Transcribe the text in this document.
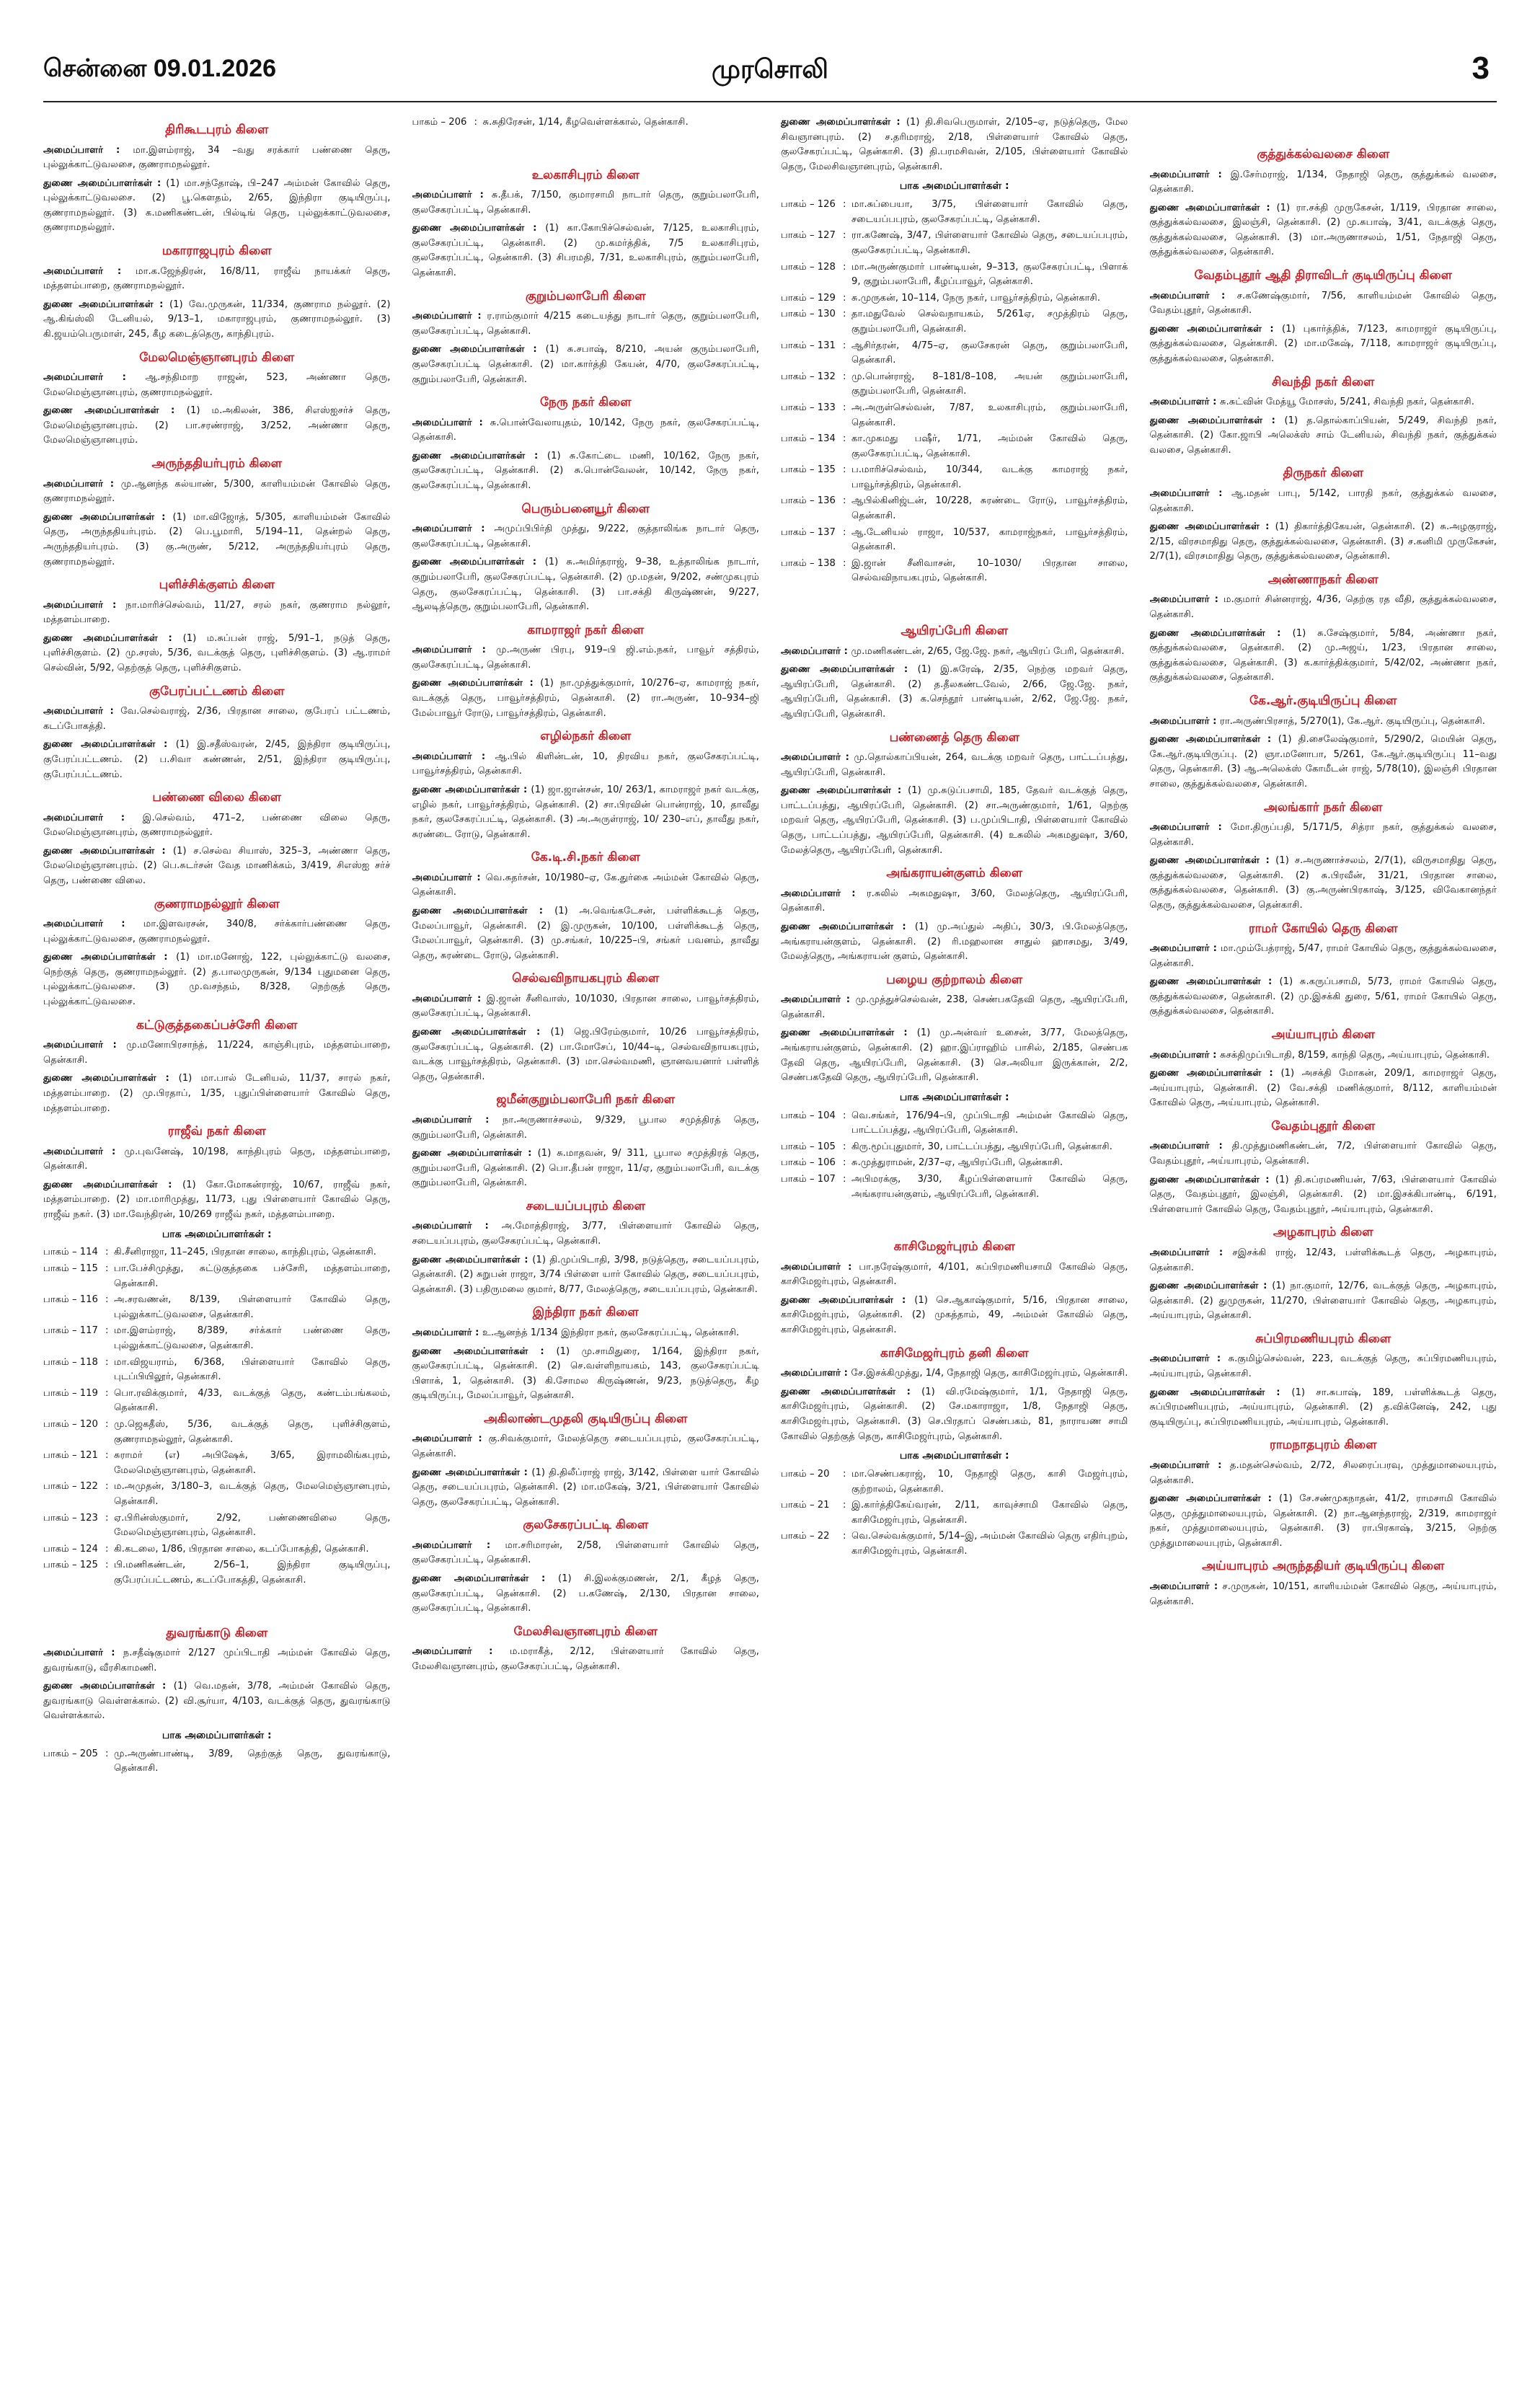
சென்னை 09.01.2026	முரசொலி	3
திரிகூடபுரம் கிளை

அமைப்பாளர் : மா.இளம்ராஜ், 34 –வது சரக்கார் பண்ணை தெரு, புல்லுக்காட்டுவலசை, குணராமநல்லூர்.

துணை அமைப்பாளர்கள் : (1) மா.சந்தோஷ், பி–247 அம்மன் கோவில் தெரு, புல்லுக்காட்டுவலசை. (2) பூ.கௌதம், 2/65, இந்திரா குடியிருப்பு, குணராமநல்லூர். (3) க.மணிகண்டன், பில்டிங் தெரு, புல்லுக்காட்டுவலசை, குணராமநல்லூர்.

மகாராஜபுரம் கிளை

அமைப்பாளர் : மா.க.ஜேந்திரன், 16/8/11, ராஜீவ் நாயக்கர் தெரு, மத்தளம்பாறை, குணராமநல்லூர்.

துணை அமைப்பாளர்கள் : (1) வே.முருகன், 11/334, குணராம நல்லூர். (2) ஆ.கிங்ஸ்லி டேனியல், 9/13–1, மகாராஜபுரம், குணராமநல்லூர். (3) கி.ஜயம்பெருமாள், 245, கீழ கடைத்தெரு, காந்திபுரம்.

மேலமெஞ்ஞானபுரம் கிளை

அமைப்பாளர் : ஆ.சந்திமாற ராஜன், 523, அண்ணா தெரு, மேலமெஞ்ஞானபுரம், குணராமநல்லூர்.

துணை அமைப்பாளர்கள் : (1) ம.அகிலன், 386, சிஎஸ்ஐசர்ச் தெரு, மேலமெஞ்ஞானபுரம். (2) பா.சரண்ராஜ், 3/252, அண்ணா தெரு, மேலமெஞ்ஞானபுரம்.

அருந்ததியர்புரம் கிளை

அமைப்பாளர் : மு.ஆனந்த கல்யாண், 5/300, காளியம்மன் கோவில் தெரு, குணராமநல்லூர்.

துணை அமைப்பாளர்கள் : (1) மா.விஜோத், 5/305, காளியம்மன் கோவில் தெரு, அருந்ததியர்புரம். (2) பெ.பூமாரி, 5/194–11, தென்றல் தெரு, அருந்ததியர்புரம். (3) கு.அருண், 5/212, அருந்ததியர்புரம் தெரு, குணராமநல்லூர்.

புளிச்சிக்குளம் கிளை

அமைப்பாளர் : நா.மாரிச்செல்வம், 11/27, சரல் நகர், குணராம நல்லூர், மத்தளம்பாறை.

துணை அமைப்பாளர்கள் : (1) ம.சுப்பன் ராஜ், 5/91–1, நடுத் தெரு, புளிச்சிகுளம். (2) மு.சரஸ், 5/36, வடக்குத் தெரு, புளிச்சிகுளம். (3) ஆ.ராமர் செல்வின், 5/92, தெற்குத் தெரு, புளிச்சிகுளம்.

குபேரப்பட்டணம் கிளை

அமைப்பாளர் : வே.செல்வராஜ், 2/36, பிரதான சாலை, குபேரப் பட்டணம், கடப்போகத்தி.

துணை அமைப்பாளர்கள் : (1) இ.சதீஸ்வரன், 2/45, இந்திரா குடியிருப்பு, குபேரப்பட்டணம். (2) ப.சிவா கண்ணன், 2/51, இந்திரா குடியிருப்பு, குபேரப்பட்டணம்.

பண்ணை விலை கிளை

அமைப்பாளர் : இ.செல்வம், 471–2, பண்ணை விலை தெரு, மேலமெஞ்ஞானபுரம், குணராமநல்லூர்.

துணை அமைப்பாளர்கள் : (1) ச.செல்வ சியாஸ், 325–3, அண்ணா தெரு, மேலமெஞ்ஞானபுரம். (2) பெ.சுடர்சன் வேத மாணிக்கம், 3/419, சிஎஸ்ஐ சர்ச் தெரு, பண்ணை விலை.

குணராமநல்லூர் கிளை

அமைப்பாளர் : மா.இளவரசன், 340/8, சர்க்கார்பண்ணை தெரு, புல்லுக்காட்டுவலசை, குணராமநல்லூர்.

துணை அமைப்பாளர்கள் : (1) மா.மனோஜ், 122, புல்லுக்காட்டு வலசை, நெற்குத் தெரு, குணராமநல்லூர். (2) த.பாலமுருகன், 9/134 புதுமனை தெரு, புல்லுக்காட்டுவலசை. (3) மு.வசந்தம், 8/328, நெற்குத் தெரு, புல்லுக்காட்டுவலசை.

கட்டுகுத்தகைப்பச்சேரி கிளை

அமைப்பாளர் : மு.மனோபிரசாந்த், 11/224, காஞ்சிபுரம், மத்தளம்பாறை, தென்காசி.

துணை அமைப்பாளர்கள் : (1) மா.பால் டேனியல், 11/37, சாரல் நகர், மத்தளம்பாறை. (2) மு.பிரதாப், 1/35, புதுப்பிள்ளையார் கோவில் தெரு, மத்தளம்பாறை.

ராஜீவ் நகர் கிளை

அமைப்பாளர் : மு.புவனேஷ், 10/198, காந்திபுரம் தெரு, மத்தளம்பாறை, தென்காசி.

துணை அமைப்பாளர்கள் : (1) கோ.மோகன்ராஜ், 10/67, ராஜீவ் நகர், மத்தளம்பாறை. (2) மா.மாரிமுத்து, 11/73, புது பிள்ளையார் கோவில் தெரு, ராஜீவ் நகர். (3) மா.வேந்திரன், 10/269 ராஜீவ் நகர், மத்தளம்பாறை.

பாக அமைப்பாளர்கள் :
பாகம் – 114 : கி.சீனிராஜா, 11–245, பிரதான சாலை, காந்திபுரம், தென்காசி.
பாகம் – 115 : பா.பேச்சிமுத்து, சுட்டுகுத்தகை பச்சேரி, மத்தளம்பாறை, தென்காசி.
பாகம் – 116 : அ.சரவணன், 8/139, பிள்ளையார் கோவில் தெரு, புல்லுக்காட்டுவலசை, தென்காசி.
பாகம் – 117 : மா.இளம்ராஜ், 8/389, சர்க்கார் பண்ணை தெரு, புல்லுக்காட்டுவலசை, தென்காசி.
பாகம் – 118 : மா.விஜயராம், 6/368, பிள்ளையார் கோவில் தெரு, புடப்பியிலூர், தென்காசி.
பாகம் – 119 : பொ.ரவிக்குமார், 4/33, வடக்குத் தெரு, கண்டம்பங்கலம், தென்காசி.
பாகம் – 120 : மு.ஜெகதீஸ், 5/36, வடக்குத் தெரு, புளிச்சிகுளம், குணராமநல்லூர், தென்காசி.
பாகம் – 121 : சுராமர் (எ) அபிஷேக், 3/65, இராமலிங்கபுரம், மேலமெஞ்ஞானபுரம், தென்காசி.
பாகம் – 122 : ம.அமுதன், 3/180–3, வடக்குத் தெரு, மேலமெஞ்ஞானபுரம், தென்காசி.
பாகம் – 123 : ஏ.பிரின்ஸ்குமார், 2/92, பண்ணைவிலை தெரு, மேலமெஞ்ஞானபுரம், தென்காசி.
பாகம் – 124 : கி.கடலை, 1/86, பிரதான சாலை, கடப்போகத்தி, தென்காசி.
பாகம் – 125 : பி.மணிகண்டன், 2/56–1, இந்திரா குடியிருப்பு, குபேரப்பட்டணம், கடப்போகத்தி, தென்காசி.
துவரங்காடு கிளை

அமைப்பாளர் : ந.சதீஷ்குமார் 2/127 முப்பிடாதி அம்மன் கோவில் தெரு, துவரங்காடு, வீரசிகாமணி.

துணை அமைப்பாளர்கள் : (1) வெ.மதன், 3/78, அம்மன் கோவில் தெரு, துவரங்காடு வெள்ளக்கால். (2) வி.சூர்யா, 4/103, வடக்குத் தெரு, துவரங்காடு வெள்ளக்கால்.

பாக அமைப்பாளர்கள் :
பாகம் – 205 : மு.அருண்பாண்டி, 3/89, தெற்குத் தெரு, துவரங்காடு, தென்காசி.
பாகம் – 206 : சு.சுதிரேசன், 1/14, கீழவெள்ளக்கால், தென்காசி.
உலகாசிபுரம் கிளை

அமைப்பாளர் : சு.தீபக், 7/150, குமாரசாமி நாடார் தெரு, குறும்பலாபேரி, குலசேகரப்பட்டி, தென்காசி.

துணை அமைப்பாளர்கள் : (1) கா.கோபிச்செல்வன், 7/125, உலகாசிபுரம், குலசேகரப்பட்டி, தென்காசி. (2) மு.கமர்த்திக், 7/5 உலகாசிபுரம், குலசேகரப்பட்டி, தென்காசி. (3) சிபரமதி, 7/31, உலகாசிபுரம், குறும்பலாபேரி, தென்காசி.

குறும்பலாபேரி கிளை

அமைப்பாளர் : ர.ராம்குமார் 4/215 கடையத்து நாடார் தெரு, குறும்பலாபேரி, குலசேகரப்பட்டி, தென்காசி.

துணை அமைப்பாளர்கள் : (1) சு.சபாஷ், 8/210, அயன் குரும்பலாபேரி, குலசேகரப்பட்டி தென்காசி. (2) மா.கார்த்தி கேயன், 4/70, குலசேகரப்பட்டி, குறும்பலாபேரி, தென்காசி.

நேரு நகர் கிளை

அமைப்பாளர் : சு.பொன்வேலாயுதம், 10/142, நேரு நகர், குலசேகரப்பட்டி, தென்காசி.

துணை அமைப்பாளர்கள் : (1) சு.கோட்டை மணி, 10/162, நேரு நகர், குலசேகரப்பட்டி, தென்காசி. (2) சு.பொன்வேலன், 10/142, நேரு நகர், குலசேகரப்பட்டி, தென்காசி.

பெரும்பனையூர் கிளை

அமைப்பாளர் : அமுப்பிபிர்தி முத்து, 9/222, குத்தாலிங்க நாடார் தெரு, குலசேகரப்பட்டி, தென்காசி.

துணை அமைப்பாளர்கள் : (1) சு.அமிர்தராஜ், 9–38, உத்தாலிங்க நாடார், குறும்பலாபேரி, குலசேகரப்பட்டி, தென்காசி. (2) மு.மதன், 9/202, சண்முகபுரம் தெரு, குலசேகரப்பட்டி, தென்காசி. (3) பா.சக்தி கிருஷ்ணன், 9/227, ஆலடித்தெரு, குறும்பலாபேரி, தென்காசி.

காமராஜர் நகர் கிளை

அமைப்பாளர் : மு.அருண் பிரபு, 919–பி ஜி.எம்.நகர், பாவூர் சத்திரம், குலசேகரப்பட்டி, தென்காசி.

துணை அமைப்பாளர்கள் : (1) நா.முத்துக்குமார், 10/276–ஏ, காமராஜ் நகர், வடக்குத் தெரு, பாவூர்சத்திரம், தென்காசி. (2) ரா.அருண், 10–934–ஜி மேல்பாவூர் ரோடு, பாவூர்சத்திரம், தென்காசி.

எழில்நகர் கிளை

அமைப்பாளர் : ஆ.பில் கிளின்டன், 10, திரவிய நகர், குலசேகரப்பட்டி, பாவூர்சத்திரம், தென்காசி.

துணை அமைப்பாளர்கள் : (1) ஜா.ஜான்சன், 10/ 263/1, காமராஜர் நகர் வடக்கு, எழில் நகர், பாவூர்சத்திரம், தென்காசி. (2) சா.பிரவின் பொன்ராஜ், 10, தாவீது நகர், குலசேகரப்பட்டி, தென்காசி. (3) அ.அருள்ராஜ், 10/ 230–எப், தாவீது நகர், சுரண்டை ரோடு, தென்காசி.

கே.டி.சி.நகர் கிளை

அமைப்பாளர் : வெ.சுதர்சன், 10/1980–ஏ, கே.துர்கை அம்மன் கோவில் தெரு, தென்காசி.

துணை அமைப்பாளர்கள் : (1) அ.வெங்கடேசன், பள்ளிக்கூடத் தெரு, மேலப்பாவூர், தென்காசி. (2) இ.முருகன், 10/100, பள்ளிக்கூடத் தெரு, மேலப்பாவூர், தென்காசி. (3) மு.சங்கர், 10/225–பி, சங்கர் பவனம், தாவீது தெரு, சுரண்டை ரோடு, தென்காசி.

செல்வவிநாயகபுரம் கிளை

அமைப்பாளர் : இ.ஜான் சீனிவாஸ், 10/1030, பிரதான சாலை, பாவூர்சத்திரம், குலசேகரப்பட்டி, தென்காசி.

துணை அமைப்பாளர்கள் : (1) ஜெ.பிரேம்குமார், 10/26 பாவூர்சத்திரம், குலசேகரப்பட்டி, தென்காசி. (2) பா.மோசேப், 10/44–டி, செல்வவிநாயகபுரம், வடக்கு பாவூர்சத்திரம், தென்காசி. (3) மா.செல்வமணி, ஞானவயனார் பள்ளித் தெரு, தென்காசி.

ஜமீன்குறும்பலாபேரி நகர் கிளை

அமைப்பாளர் : நா.அருணாச்சலம், 9/329, பூபால சமுத்திரத் தெரு, குறும்பலாபேரி, தென்காசி.

துணை அமைப்பாளர்கள் : (1) சு.மாதவன், 9/ 311, பூபால சமுத்திரத் தெரு, குறும்பலாபேரி, தென்காசி. (2) பொ.தீபன் ராஜா, 11/ஏ, குறும்பலாபேரி, வடக்கு குறும்பலாபேரி, தென்காசி.

சடையப்பபுரம் கிளை

அமைப்பாளர் : அ.மோத்திராஜ், 3/77, பிள்ளையார் கோவில் தெரு, சடையப்பபுரம், குலசேகரப்பட்டி, தென்காசி.

துணை அமைப்பாளர்கள் : (1) தி.முப்பிடாதி, 3/98, நடுத்தெரு, சடையப்பபுரம், தென்காசி. (2) சுறுபன் ராஜா, 3/74 பிள்ளை யார் கோவில் தெரு, சடையப்பபுரம், தென்காசி. (3) பதிருமலை குமார், 8/77, மேலத்தெரு, சடையப்பபுரம், தென்காசி.

இந்திரா நகர் கிளை

அமைப்பாளர் : உ.ஆனந்த் 1/134 இந்திரா நகர், குலசேகரப்பட்டி, தென்காசி.

துணை அமைப்பாளர்கள் : (1) மு.சாமிதுரை, 1/164, இந்திரா நகர், குலசேகரப்பட்டி, தென்காசி. (2) செ.வள்ளிநாயகம், 143, குலசேகரப்பட்டி பிளாக், 1, தென்காசி. (3) கி.சோமல கிருஷ்ணன், 9/23, நடுத்தெரு, கீழ குடியிருப்பு, மேலப்பாவூர், தென்காசி.

அகிலாண்டமுதலி குடியிருப்பு கிளை

அமைப்பாளர் : கு.சிவக்குமார், மேலத்தெரு சடையப்பபுரம், குலசேகரப்பட்டி, தென்காசி.

துணை அமைப்பாளர்கள் : (1) தி.திலீப்ராஜ் ராஜ், 3/142, பிள்ளை யார் கோவில் தெரு, சடையப்பபுரம், தென்காசி. (2) மா.மகேஷ், 3/21, பிள்ளையார் கோவில் தெரு, குலசேகரப்பட்டி, தென்காசி.

குலசேகரப்பட்டி கிளை

அமைப்பாளர் : மா.சரிமாரன், 2/58, பிள்ளையார் கோவில் தெரு, குலசேகரப்பட்டி, தென்காசி.

துணை அமைப்பாளர்கள் : (1) சி.இலக்குமணன், 2/1, கீழத் தெரு, குலசேகரப்பட்டி, தென்காசி. (2) ப.கணேஷ், 2/130, பிரதான சாலை, குலசேகரப்பட்டி, தென்காசி.

மேலசிவஞானபுரம் கிளை

அமைப்பாளர் : ம.மராகீத், 2/12, பிள்ளையார் கோவில் தெரு, மேலசிவஞானபுரம், குலசேகரப்பட்டி, தென்காசி.

துணை அமைப்பாளர்கள் : (1) தி.சிவபெருமாள், 2/105–ஏ, நடுத்தெரு, மேல சிவஞானபுரம். (2) ச.தரிமராஜ், 2/18, பிள்ளையார் கோவில் தெரு, குலசேகரப்பட்டி, தென்காசி. (3) தி.பரமசிவன், 2/105, பிள்ளையார் கோவில் தெரு, மேலசிவஞானபுரம், தென்காசி.

பாக அமைப்பாளர்கள் :
பாகம் – 126 : மா.சுப்பையா, 3/75, பிள்ளையார் கோவில் தெரு, சடையப்பபுரம், குலசேகரப்பட்டி, தென்காசி.
பாகம் – 127 : ரா.கணேஷ், 3/47, பிள்ளையார் கோவில் தெரு, சடையப்பபுரம், குலசேகரப்பட்டி, தென்காசி.
பாகம் – 128 : மா.அருண்குமார் பாண்டியன், 9–313, குலசேகரப்பட்டி, பிளாக் 9, குறும்பலாபேரி, கீழப்பாவூர், தென்காசி.
பாகம் – 129 : சு.முருகன், 10–114, நேரு நகர், பாவூர்சத்திரம், தென்காசி.
பாகம் – 130 : தா.மதுவேல் செல்வநாயகம், 5/261ஏ, சமுத்திரம் தெரு, குறும்பலாபேரி, தென்காசி.
பாகம் – 131 : ஆசிர்தரன், 4/75–ஏ, குலசேகரன் தெரு, குறும்பலாபேரி, தென்காசி.
பாகம் – 132 : மு.பொன்ராஜ், 8–181/8–108, அயன் குறும்பலாபேரி, குறும்பலாபேரி, தென்காசி.
பாகம் – 133 : அ.அருள்செல்வன், 7/87, உலகாசிபுரம், குறும்பலாபேரி, தென்காசி.
பாகம் – 134 : கா.முகமது பஷீர், 1/71, அம்மன் கோவில் தெரு, குலசேகரப்பட்டி, தென்காசி.
பாகம் – 135 : ப.மாரிச்செல்வம், 10/344, வடக்கு காமராஜ் நகர், பாவூர்சத்திரம், தென்காசி.
பாகம் – 136 : ஆபில்கினிஜ்டன், 10/228, சுரண்டை ரோடு, பாவூர்சத்திரம், தென்காசி.
பாகம் – 137 : ஆ.டேனியல் ராஜா, 10/537, காமராஜ்நகர், பாவூர்சத்திரம், தென்காசி.
பாகம் – 138 : இ.ஜான் சீனிவாசன், 10–1030/ பிரதான சாலை, செல்வவிநாயகபுரம், தென்காசி.
ஆயிரப்பேரி கிளை

அமைப்பாளர் : மு.மணிகண்டன், 2/65, ஜே.ஜே. நகர், ஆயிரப் பேரி, தென்காசி.

துணை அமைப்பாளர்கள் : (1) இ.சுரேஷ், 2/35, நெற்கு மறவர் தெரு, ஆயிரப்பேரி, தென்காசி. (2) த.தீலகண்டவேல், 2/66, ஜே.ஜே. நகர், ஆயிரப்பேரி, தென்காசி. (3) க.செந்தூர் பாண்டியன், 2/62, ஜே.ஜே. நகர், ஆயிரப்பேரி, தென்காசி.

பண்ணைத் தெரு கிளை

அமைப்பாளர் : மு.தொல்காப்பியன், 264, வடக்கு மறவர் தெரு, பாட்டப்பத்து, ஆயிரப்பேரி, தென்காசி.

துணை அமைப்பாளர்கள் : (1) மு.சுடுப்பசாமி, 185, தேவர் வடக்குத் தெரு, பாட்டப்பத்து, ஆயிரப்பேரி, தென்காசி. (2) சா.அருண்குமார், 1/61, நெற்கு மறவர் தெரு, ஆயிரப்பேரி, தென்காசி. (3) ப.முப்பிடாதி, பிள்ளையார் கோவில் தெரு, பாட்டப்பத்து, ஆயிரப்பேரி, தென்காசி. (4) உசுலில் அகமதுஷா, 3/60, மேலத்தெரு, ஆயிரப்பேரி, தென்காசி.

அங்கராயன்குளம் கிளை

அமைப்பாளர் : ர.சுலில் அகமதுஷா, 3/60, மேலத்தெரு, ஆயிரப்பேரி, தென்காசி.

துணை அமைப்பாளர்கள் : (1) மு.அப்துல் அதிப், 30/3, பி.மேலத்தெரு, அங்கராயன்குளம், தென்காசி. (2) ரி.மஹலான சாதுல் ஹாசமது, 3/49, மேலத்தெரு, அங்கராயன் குளம், தென்காசி.

பழைய குற்றாலம் கிளை

அமைப்பாளர் : மு.முத்துச்செல்வன், 238, செண்பகதேவி தெரு, ஆயிரப்பேரி, தென்காசி.

துணை அமைப்பாளர்கள் : (1) மு.அன்வர் உசைன், 3/77, மேலத்தெரு, அங்கராயன்குளம், தென்காசி. (2) ஹா.இப்ராஹிம் பாசில், 2/185, செண்பக தேவி தெரு, ஆயிரப்பேரி, தென்காசி. (3) செ.அலியா இருக்கான், 2/2, செண்பகதேவி தெரு, ஆயிரப்பேரி, தென்காசி.

பாக அமைப்பாளர்கள் :
பாகம் – 104 : வெ.சங்கர், 176/94–பி, முப்பிடாதி அம்மன் கோவில் தெரு, பாட்டப்பத்து, ஆயிரப்பேரி, தென்காசி.
பாகம் – 105 : கிரு.மூப்புதுமார், 30, பாட்டப்பத்து, ஆயிரப்பேரி, தென்காசி.
பாகம் – 106 : சு.முத்துராமன், 2/37–ஏ, ஆயிரப்பேரி, தென்காசி.
பாகம் – 107 : அபிமரக்கு, 3/30, கீழப்பிள்ளையார் கோவில் தெரு, அங்கராயன்குளம், ஆயிரப்பேரி, தென்காசி.
காசிமேஜர்புரம் கிளை

அமைப்பாளர் : பா.நரேஷ்குமார், 4/101, சுப்பிரமணியசாமி கோவில் தெரு, காசிமேஜர்புரம், தென்காசி.

துணை அமைப்பாளர்கள் : (1) செ.ஆகாஷ்குமார், 5/16, பிரதான சாலை, காசிமேஜர்புரம், தென்காசி. (2) முகத்தாம், 49, அம்மன் கோவில் தெரு, காசிமேஜர்புரம், தென்காசி.

காசிமேஜர்புரம் தனி கிளை

அமைப்பாளர் : சே.இசக்கிமுத்து, 1/4, நேதாஜி தெரு, காசிமேஜர்புரம், தென்காசி.

துணை அமைப்பாளர்கள் : (1) வி.ரமேஷ்குமார், 1/1, நேதாஜி தெரு, காசிமேஜர்புரம், தென்காசி. (2) சே.மகாராஜா, 1/8, நேதாஜி தெரு, காசிமேஜர்புரம், தென்காசி. (3) செ.பிரதாப் செண்பகம், 81, நாராயண சாமி கோவில் தெற்குத் தெரு, காசிமேஜர்புரம், தென்காசி.

பாக அமைப்பாளர்கள் :
பாகம் – 20	: மா.செண்பகராஜ், 10, நேதாஜி தெரு, காசி மேஜர்புரம், குற்றாலம், தென்காசி.
பாகம் – 21	: இ.கார்த்திகேய்வரன், 2/11, காவுச்சாமி கோவில் தெரு, காசிமேஜர்புரம், தென்காசி.
பாகம் – 22	: வெ.செல்வக்குமார், 5/14–இ, அம்மன் கோவில் தெரு எதிர்புறம், காசிமேஜர்புரம், தென்காசி.
குத்துக்கல்வலசை கிளை

அமைப்பாளர் : இ.சேர்மராஜ், 1/134, நேதாஜி தெரு, குத்துக்கல் வலசை, தென்காசி.

துணை அமைப்பாளர்கள் : (1) ரா.சக்தி முருகேசன், 1/119, பிரதான சாலை, குத்துக்கல்வலசை, இலஞ்சி, தென்காசி. (2) மு.சுபாஷ், 3/41, வடக்குத் தெரு, குத்துக்கல்வலசை, தென்காசி. (3) மா.அருணாசலம், 1/51, நேதாஜி தெரு, குத்துக்கல்வலசை, தென்காசி.

வேதம்புதூர் ஆதி திராவிடர் குடியிருப்பு கிளை

அமைப்பாளர் : ச.கணேஷ்குமார், 7/56, காளியம்மன் கோவில் தெரு, வேதம்புதூர், தென்காசி.

துணை அமைப்பாளர்கள் : (1) புகார்த்திக், 7/123, காமராஜர் குடியிருப்பு, குத்துக்கல்வலசை, தென்காசி. (2) மா.மகேஷ், 7/118, காமராஜர் குடியிருப்பு, குத்துக்கல்வலசை, தென்காசி.

சிவந்தி நகர் கிளை

அமைப்பாளர் : சு.சுட்வின் மேத்யூ மோசஸ், 5/241, சிவந்தி நகர், தென்காசி.

துணை அமைப்பாளர்கள் : (1) த.தொல்காப்பியன், 5/249, சிவந்தி நகர், தென்காசி. (2) கோ.ஜாபி அலெக்ஸ் சாம் டேனியல், சிவந்தி நகர், குத்துக்கல் வலசை, தென்காசி.

திருநகர் கிளை

அமைப்பாளர் : ஆ.மதன் பாபு, 5/142, பாரதி நகர், குத்துக்கல் வலசை, தென்காசி.

துணை அமைப்பாளர்கள் : (1) திகார்த்திகேயன், தென்காசி. (2) சு.அழகுராஜ், 2/15, விரசமாதிது தெரு, குத்துக்கல்வலசை, தென்காசி. (3) ச.கனிமி முருகேசன், 2/7(1), விரசமாதிது தெரு, குத்துக்கல்வலசை, தென்காசி.

அண்ணாநகர் கிளை

அமைப்பாளர் : ம.குமார் சின்னராஜ், 4/36, தெற்கு ரத வீதி, குத்துக்கல்வலசை, தென்காசி.

துணை அமைப்பாளர்கள் : (1) சு.சேஷ்குமார், 5/84, அண்ணா நகர், குத்துக்கல்வலசை, தென்காசி. (2) மு.அஜய், 1/23, பிரதான சாலை, குத்துக்கல்வலசை, தென்காசி. (3) க.கார்த்திக்குமார், 5/42/02, அண்ணா நகர், குத்துக்கல்வலசை, தென்காசி.

கே.ஆர்.குடியிருப்பு கிளை

அமைப்பாளர் : ரா.அருண்பிரசாத், 5/270(1), கே.ஆர். குடியிருப்பு, தென்காசி.

துணை அமைப்பாளர்கள் : (1) தி.சைலேஷ்குமார், 5/290/2, மெயின் தெரு, கே.ஆர்.குடியிருப்பு. (2) ஞா.மனோபா, 5/261, கே.ஆர்.குடியிருப்பு 11–வது தெரு, தென்காசி. (3) ஆ.அலெக்ஸ் கோமீடன் ராஜ், 5/78(10), இலஞ்சி பிரதான சாலை, குத்துக்கல்வலசை, தென்காசி.

அலங்கார் நகர் கிளை

அமைப்பாளர் : மோ.திருப்பதி, 5/171/5, சித்ரா நகர், குத்துக்கல் வலசை, தென்காசி.

துணை அமைப்பாளர்கள் : (1) ச.அருணாச்சலம், 2/7(1), விருசமாதிது தெரு, குத்துக்கல்வலசை, தென்காசி. (2) சு.பிரவீன், 31/21, பிரதான சாலை, குத்துக்கல்வலசை, தென்காசி. (3) கு.அருண்பிரகாஷ், 3/125, விவேகானந்தர் தெரு, குத்துக்கல்வலசை, தென்காசி.

ராமர் கோயில் தெரு கிளை

அமைப்பாளர் : மா.மும்பேத்ராஜ், 5/47, ராமர் கோயில் தெரு, குத்துக்கல்வலசை, தென்காசி.

துணை அமைப்பாளர்கள் : (1) சு.கருப்பசாமி, 5/73, ராமர் கோயில் தெரு, குத்துக்கல்வலசை, தென்காசி. (2) மு.இசக்கி துரை, 5/61, ராமர் கோயில் தெரு, குத்துக்கல்வலசை, தென்காசி.

அய்யாபுரம் கிளை

அமைப்பாளர் : சுசக்திமுப்பிடாதி, 8/159, காந்தி தெரு, அய்யாபுரம், தென்காசி.

துணை அமைப்பாளர்கள் : (1) அசக்தி மோகன், 209/1, காமராஜர் தெரு, அய்யாபுரம், தென்காசி. (2) வே.சக்தி மணிக்குமார், 8/112, காளியம்மன் கோவில் தெரு, அய்யாபுரம், தென்காசி.

வேதம்புதூர் கிளை

அமைப்பாளர் : தி.முத்துமணிகண்டன், 7/2, பிள்ளையார் கோவில் தெரு, வேதம்புதூர், அய்யாபுரம், தென்காசி.

துணை அமைப்பாளர்கள் : (1) தி.சுப்ரமணியன், 7/63, பிள்ளையார் கோவில் தெரு, வேதம்புதூர், இலஞ்சி, தென்காசி. (2) மா.இசக்கிபாண்டி, 6/191, பிள்ளையார் கோவில் தெரு, வேதம்புதூர், அய்யாபுரம், தென்காசி.

அழகாபுரம் கிளை

அமைப்பாளர் : சஇசக்கி ராஜ், 12/43, பள்ளிக்கூடத் தெரு, அழகாபுரம், தென்காசி.

துணை அமைப்பாளர்கள் : (1) நா.குமார், 12/76, வடக்குத் தெரு, அழகாபுரம், தென்காசி. (2) துமுருகன், 11/270, பிள்ளையார் கோவில் தெரு, அழகாபுரம், அய்யாபுரம், தென்காசி.

சுப்பிரமணியபுரம் கிளை

அமைப்பாளர் : சு.குமிழ்செல்வன், 223, வடக்குத் தெரு, சுப்பிரமணியபுரம், அய்யாபுரம், தென்காசி.

துணை அமைப்பாளர்கள் : (1) சா.சுபாஷ், 189, பள்ளிக்கூடத் தெரு, சுப்பிரமணியபுரம், அய்யாபுரம், தென்காசி. (2) த.விக்னேஷ், 242, புது குடியிருப்பு, சுப்பிரமணியபுரம், அய்யாபுரம், தென்காசி.

ராமநாதபுரம் கிளை

அமைப்பாளர் : த.மதன்செல்வம், 2/72, சிலரைப்பரவு, முத்துமாலையபுரம், தென்காசி.

துணை அமைப்பாளர்கள் : (1) சே.சண்முகநாதன், 41/2, ராமசாமி கோவில் தெரு, முத்துமாலையபுரம், தென்காசி. (2) நா.ஆனந்தராஜ், 2/319, காமராஜர் நகர், முத்துமாலையபுரம், தென்காசி. (3) ரா.பிரகாஷ், 3/215, நெற்கு முத்துமாலையபுரம், தென்காசி.

அய்யாபுரம் அருந்ததியர் குடியிருப்பு கிளை

அமைப்பாளர் : ச.முருகன், 10/151, காளியம்மன் கோவில் தெரு, அய்யாபுரம், தென்காசி.
